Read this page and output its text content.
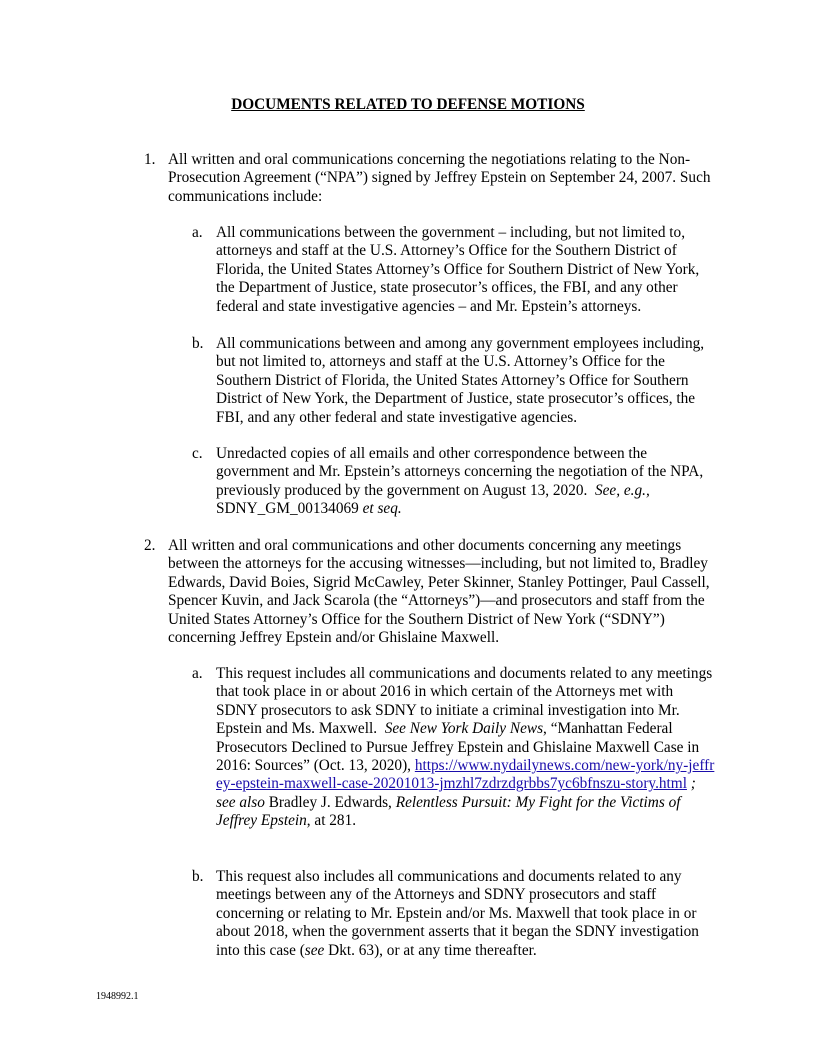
DOCUMENTS RELATED TO DEFENSE MOTIONS
1. All written and oral communications concerning the negotiations relating to the Non-Prosecution Agreement (“NPA”) signed by Jeffrey Epstein on September 24, 2007. Such communications include:
a. All communications between the government – including, but not limited to, attorneys and staff at the U.S. Attorney’s Office for the Southern District of Florida, the United States Attorney’s Office for Southern District of New York, the Department of Justice, state prosecutor’s offices, the FBI, and any other federal and state investigative agencies – and Mr. Epstein’s attorneys.
b. All communications between and among any government employees including, but not limited to, attorneys and staff at the U.S. Attorney’s Office for the Southern District of Florida, the United States Attorney’s Office for Southern District of New York, the Department of Justice, state prosecutor’s offices, the FBI, and any other federal and state investigative agencies.
c. Unredacted copies of all emails and other correspondence between the government and Mr. Epstein’s attorneys concerning the negotiation of the NPA, previously produced by the government on August 13, 2020. See, e.g., SDNY_GM_00134069 et seq.
2. All written and oral communications and other documents concerning any meetings between the attorneys for the accusing witnesses—including, but not limited to, Bradley Edwards, David Boies, Sigrid McCawley, Peter Skinner, Stanley Pottinger, Paul Cassell, Spencer Kuvin, and Jack Scarola (the “Attorneys”)—and prosecutors and staff from the United States Attorney’s Office for the Southern District of New York (“SDNY”) concerning Jeffrey Epstein and/or Ghislaine Maxwell.
a. This request includes all communications and documents related to any meetings that took place in or about 2016 in which certain of the Attorneys met with SDNY prosecutors to ask SDNY to initiate a criminal investigation into Mr. Epstein and Ms. Maxwell. See New York Daily News, “Manhattan Federal Prosecutors Declined to Pursue Jeffrey Epstein and Ghislaine Maxwell Case in 2016: Sources” (Oct. 13, 2020), https://www.nydailynews.com/new-york/ny-jeffrey-epstein-maxwell-case-20201013-jmzhl7zdrzdgrbbs7yc6bfnszu-story.html ; see also Bradley J. Edwards, Relentless Pursuit: My Fight for the Victims of Jeffrey Epstein, at 281.
b. This request also includes all communications and documents related to any meetings between any of the Attorneys and SDNY prosecutors and staff concerning or relating to Mr. Epstein and/or Ms. Maxwell that took place in or about 2018, when the government asserts that it began the SDNY investigation into this case (see Dkt. 63), or at any time thereafter.
1948992.1
